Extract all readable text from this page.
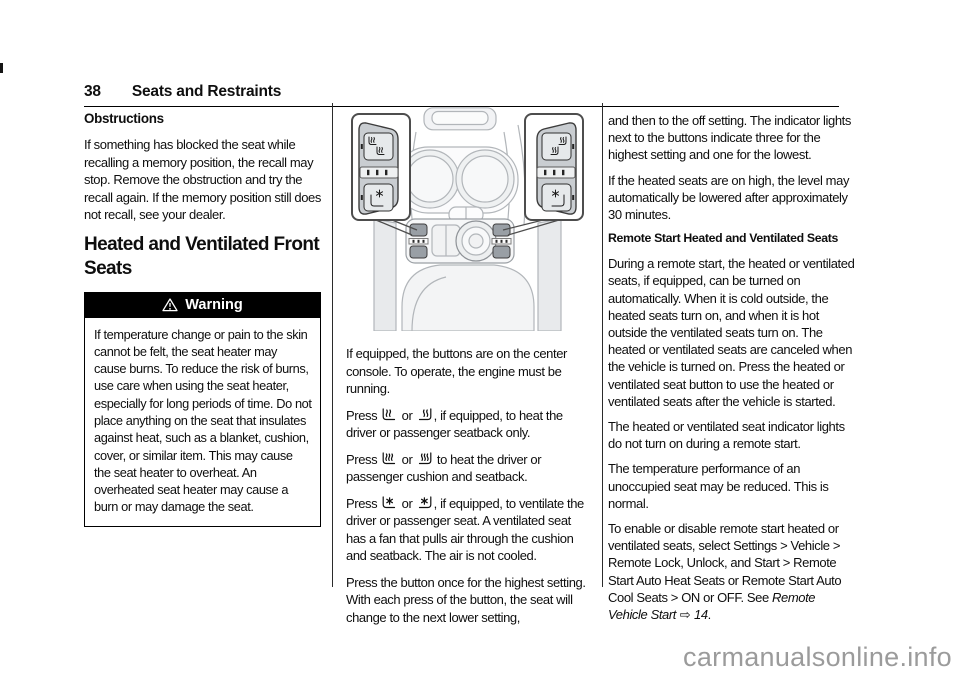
38 Seats and Restraints
Obstructions

If something has blocked the seat while recalling a memory position, the recall may stop. Remove the obstruction and try the recall again. If the memory position still does not recall, see your dealer.

Heated and Ventilated Front Seats
Warning

If temperature change or pain to the skin cannot be felt, the seat heater may cause burns. To reduce the risk of burns, use care when using the seat heater, especially for long periods of time. Do not place anything on the seat that insulates against heat, such as a blanket, cushion, cover, or similar item. This may cause the seat heater to overheat. An overheated seat heater may cause a burn or may damage the seat.

If equipped, the buttons are on the center console. To operate, the engine must be running.

Press  or , if equipped, to heat the driver or passenger seatback only.

Press  or  to heat the driver or passenger cushion and seatback.

Press  or , if equipped, to ventilate the driver or passenger seat. A ventilated seat has a fan that pulls air through the cushion and seatback. The air is not cooled.

Press the button once for the highest setting. With each press of the button, the seat will change to the next lower setting,

and then to the off setting. The indicator lights next to the buttons indicate three for the highest setting and one for the lowest.

If the heated seats are on high, the level may automatically be lowered after approximately 30 minutes.

Remote Start Heated and Ventilated Seats

During a remote start, the heated or ventilated seats, if equipped, can be turned on automatically. When it is cold outside, the heated seats turn on, and when it is hot outside the ventilated seats turn on. The heated or ventilated seats are canceled when the vehicle is turned on. Press the heated or ventilated seat button to use the heated or ventilated seats after the vehicle is started.

The heated or ventilated seat indicator lights do not turn on during a remote start.

The temperature performance of an unoccupied seat may be reduced. This is normal.

To enable or disable remote start heated or ventilated seats, select Settings > Vehicle > Remote Lock, Unlock, and Start > Remote Start Auto Heat Seats or Remote Start Auto Cool Seats > ON or OFF. See Remote Vehicle Start ⇨ 14.

carmanualsonline.info
